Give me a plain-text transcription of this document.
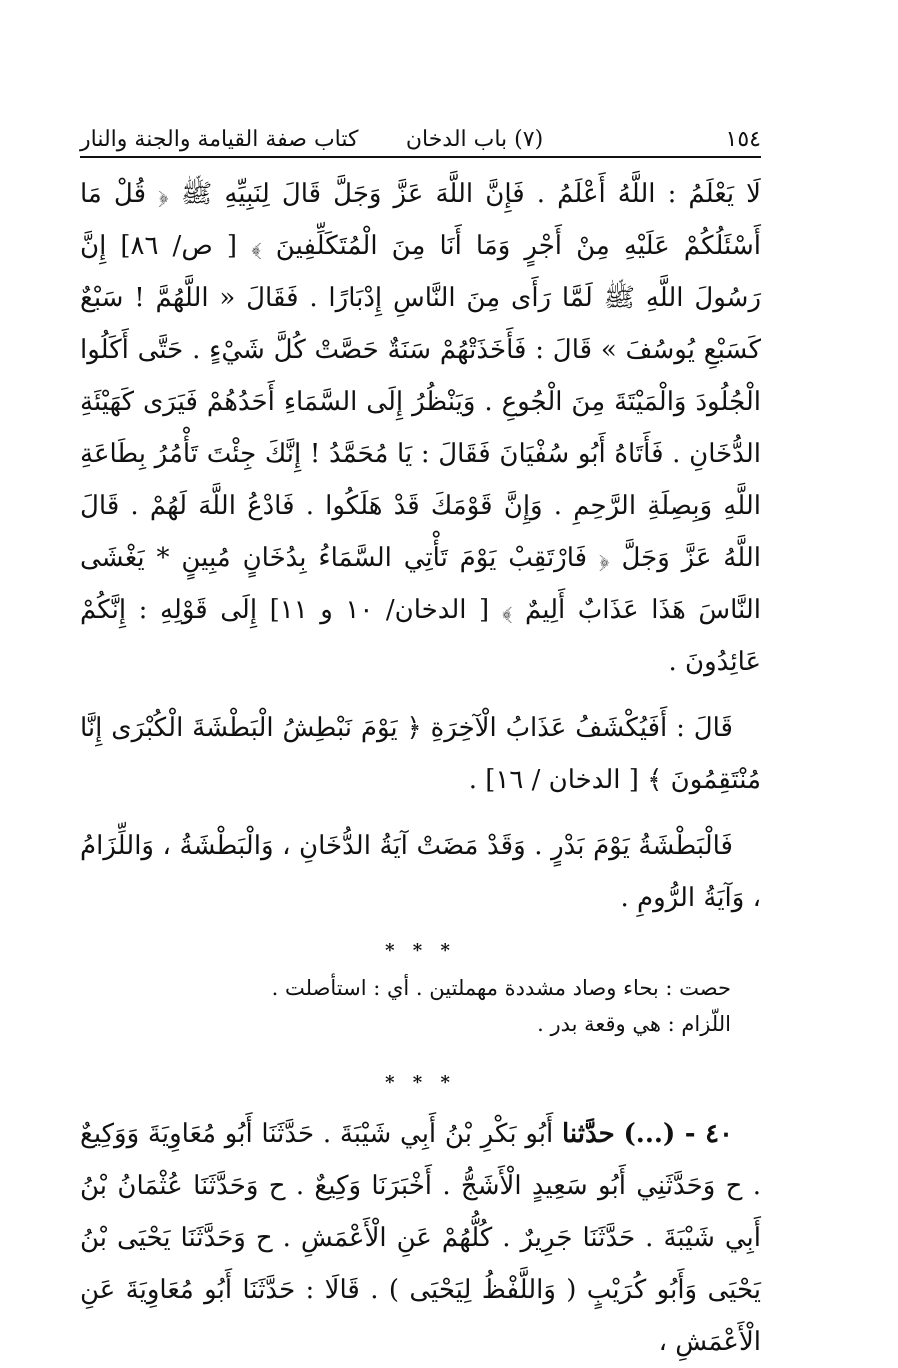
١٥٤
(٧) باب الدخان
كتاب صفة القيامة والجنة والنار

لَا يَعْلَمُ : اللَّهُ أَعْلَمُ . فَإِنَّ اللَّهَ عَزَّ وَجَلَّ قَالَ لِنَبِيِّهِ ﷺ ﴿ قُلْ مَا أَسْئَلُكُمْ عَلَيْهِ مِنْ أَجْرٍ وَمَا أَنَا مِنَ الْمُتَكَلِّفِينَ ﴾ [ ص/ ٨٦] إِنَّ رَسُولَ اللَّهِ ﷺ لَمَّا رَأَى مِنَ النَّاسِ إِدْبَارًا . فَقَالَ « اللَّهُمَّ ! سَبْعٌ كَسَبْعِ يُوسُفَ » قَالَ : فَأَخَذَتْهُمْ سَنَةٌ حَصَّتْ كُلَّ شَيْءٍ . حَتَّى أَكَلُوا الْجُلُودَ وَالْمَيْتَةَ مِنَ الْجُوعِ . وَيَنْظُرُ إِلَى السَّمَاءِ أَحَدُهُمْ فَيَرَى كَهَيْئَةِ الدُّخَانِ . فَأَتَاهُ أَبُو سُفْيَانَ فَقَالَ : يَا مُحَمَّدُ ! إِنَّكَ جِئْتَ تَأْمُرُ بِطَاعَةِ اللَّهِ وَبِصِلَةِ الرَّحِمِ . وَإِنَّ قَوْمَكَ قَدْ هَلَكُوا . فَادْعُ اللَّهَ لَهُمْ . قَالَ اللَّهُ عَزَّ وَجَلَّ ﴿ فَارْتَقِبْ يَوْمَ تَأْتِي السَّمَاءُ بِدُخَانٍ مُبِينٍ * يَغْشَى النَّاسَ هَذَا عَذَابٌ أَلِيمٌ ﴾ [ الدخان/ ١٠ و ١١] إِلَى قَوْلِهِ : إِنَّكُمْ عَائِدُونَ .

قَالَ : أَفَيُكْشَفُ عَذَابُ الْآخِرَةِ ﴿ يَوْمَ نَبْطِشُ الْبَطْشَةَ الْكُبْرَى إِنَّا مُنْتَقِمُونَ ﴾ [ الدخان / ١٦] .

فَالْبَطْشَةُ يَوْمَ بَدْرٍ . وَقَدْ مَضَتْ آيَةُ الدُّخَانِ ، وَالْبَطْشَةُ ، وَاللِّزَامُ ، وَآيَةُ الرُّومِ .

* * *

حصت : بحاء وصاد مشددة مهملتين . أي : استأصلت .

اللّزام : هي وقعة بدر .

* * *

٤٠ - (...) حدَّثنا أَبُو بَكْرِ بْنُ أَبِي شَيْبَةَ . حَدَّثَنَا أَبُو مُعَاوِيَةَ وَوَكِيعٌ . ح وَحَدَّثَنِي أَبُو سَعِيدٍ الْأَشَجُّ . أَخْبَرَنَا وَكِيعٌ . ح وَحَدَّثَنَا عُثْمَانُ بْنُ أَبِي شَيْبَةَ . حَدَّثَنَا جَرِيرٌ . كُلُّهُمْ عَنِ الْأَعْمَشِ . ح وَحَدَّثَنَا يَحْيَى بْنُ يَحْيَى وَأَبُو كُرَيْبٍ ( وَاللَّفْظُ لِيَحْيَى ) . قَالَا : حَدَّثَنَا أَبُو مُعَاوِيَةَ عَنِ الْأَعْمَشِ ،
